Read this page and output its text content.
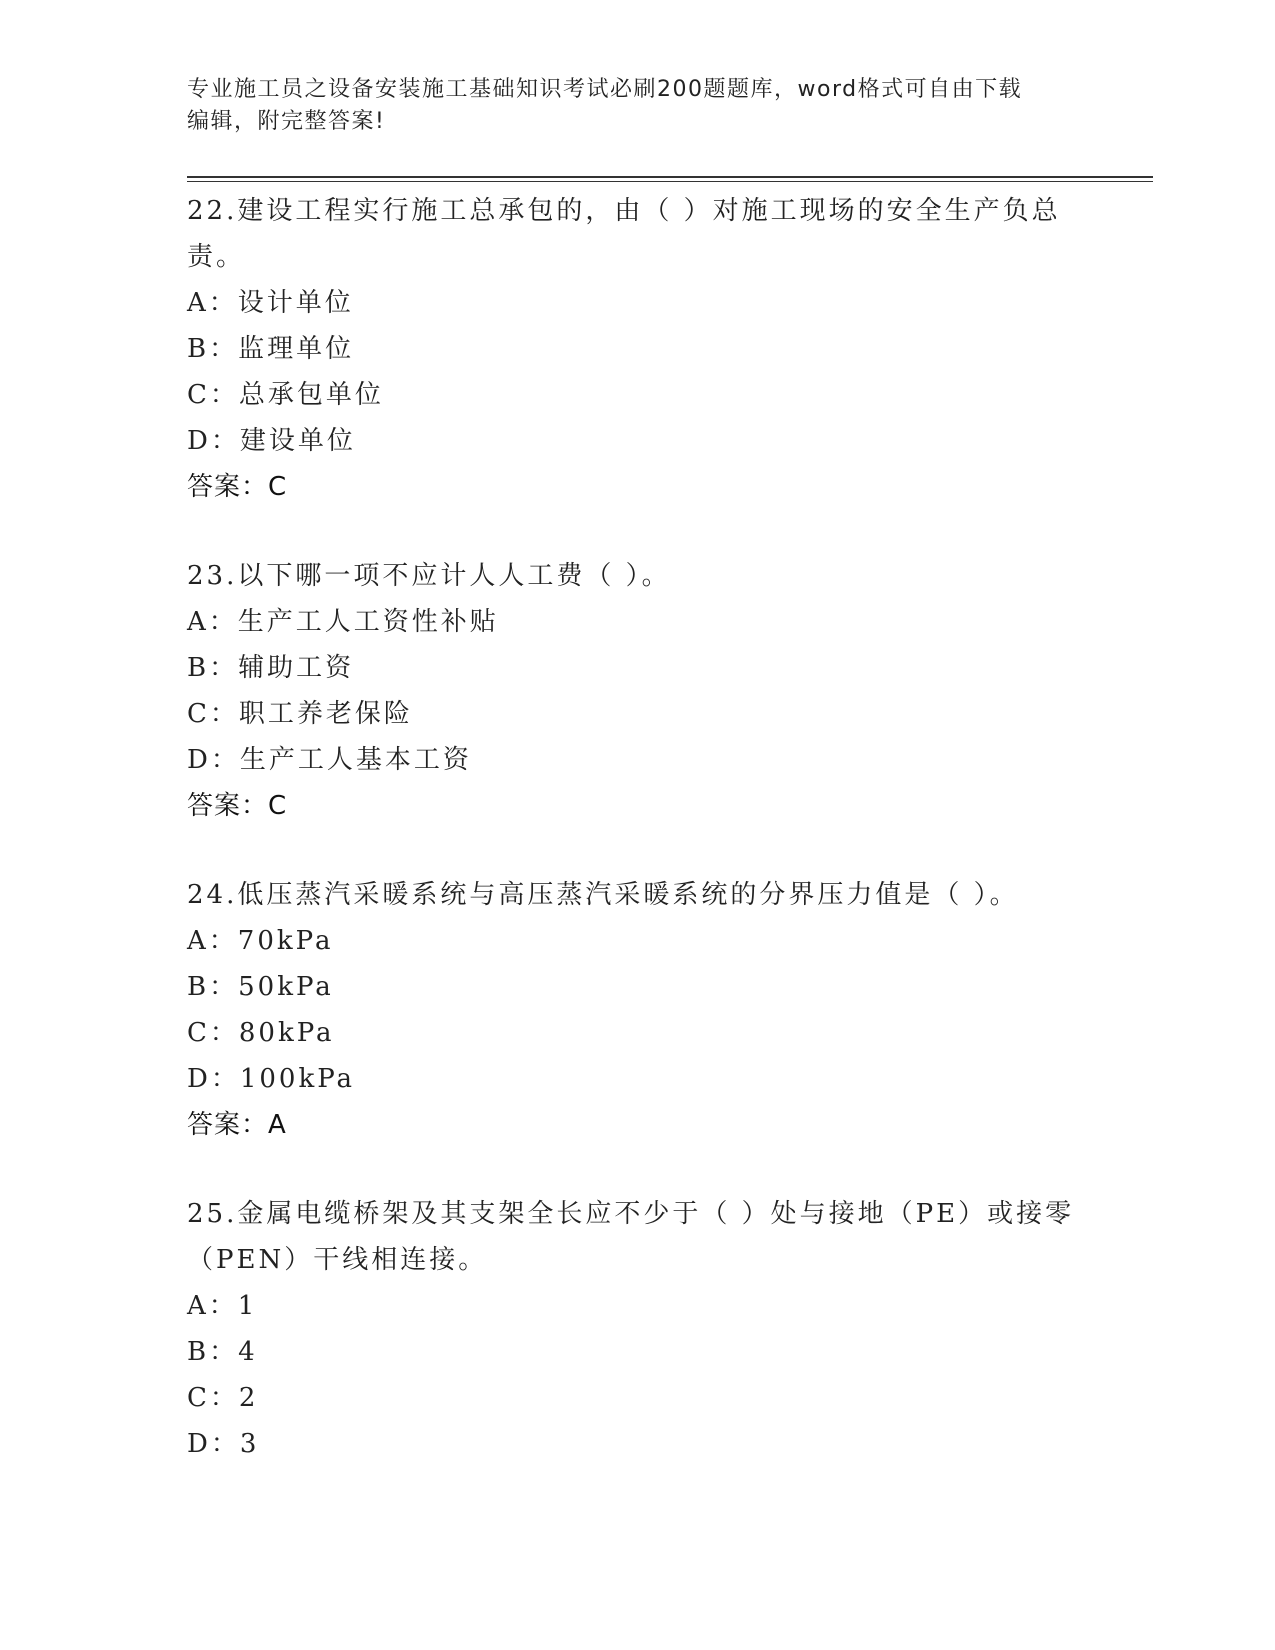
专业施工员之设备安装施工基础知识考试必刷200题题库，word格式可自由下载
编辑，附完整答案!
22.建设工程实行施工总承包的，由（ ）对施工现场的安全生产负总
责。
A：设计单位
B：监理单位
C：总承包单位
D：建设单位
答案：C
23.以下哪一项不应计人人工费（ ）。
A：生产工人工资性补贴
B：辅助工资
C：职工养老保险
D：生产工人基本工资
答案：C
24.低压蒸汽采暖系统与高压蒸汽采暖系统的分界压力值是（ ）。
A：70kPa
B：50kPa
C：80kPa
D：100kPa
答案：A
25.金属电缆桥架及其支架全长应不少于（ ）处与接地（PE）或接零
（PEN）干线相连接。
A：1
B：4
C：2
D：3
